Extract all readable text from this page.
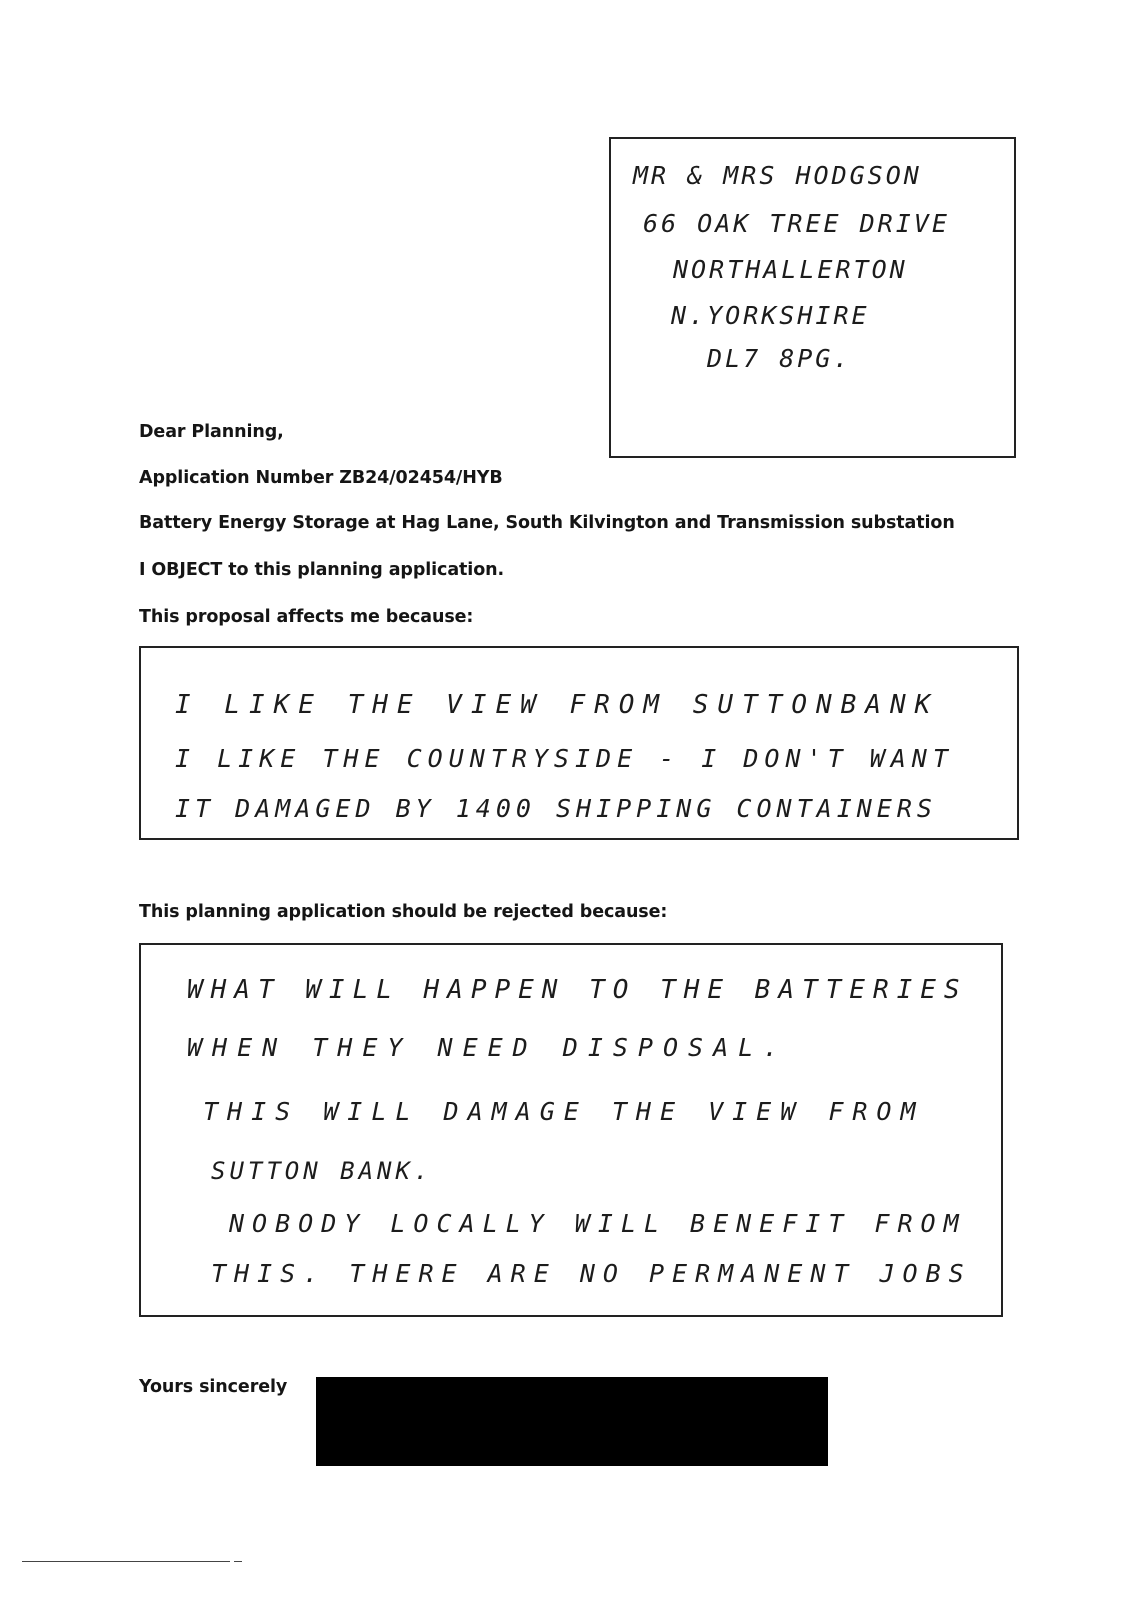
MR & MRS HODGSON
66 OAK TREE DRIVE
NORTHALLERTON
N.YORKSHIRE
DL7 8PG.
Dear Planning,
Application Number ZB24/02454/HYB
Battery Energy Storage at Hag Lane, South Kilvington and Transmission substation
I OBJECT to this planning application.
This proposal affects me because:
I LIKE THE VIEW FROM SUTTONBANK
I LIKE THE COUNTRYSIDE - I DON'T WANT
IT DAMAGED BY 1400 SHIPPING CONTAINERS
This planning application should be rejected because:
WHAT WILL HAPPEN TO THE BATTERIES
WHEN THEY NEED DISPOSAL.
THIS WILL DAMAGE THE VIEW FROM
SUTTON BANK.
NOBODY LOCALLY WILL BENEFIT FROM
THIS. THERE ARE NO PERMANENT JOBS
Yours sincerely
